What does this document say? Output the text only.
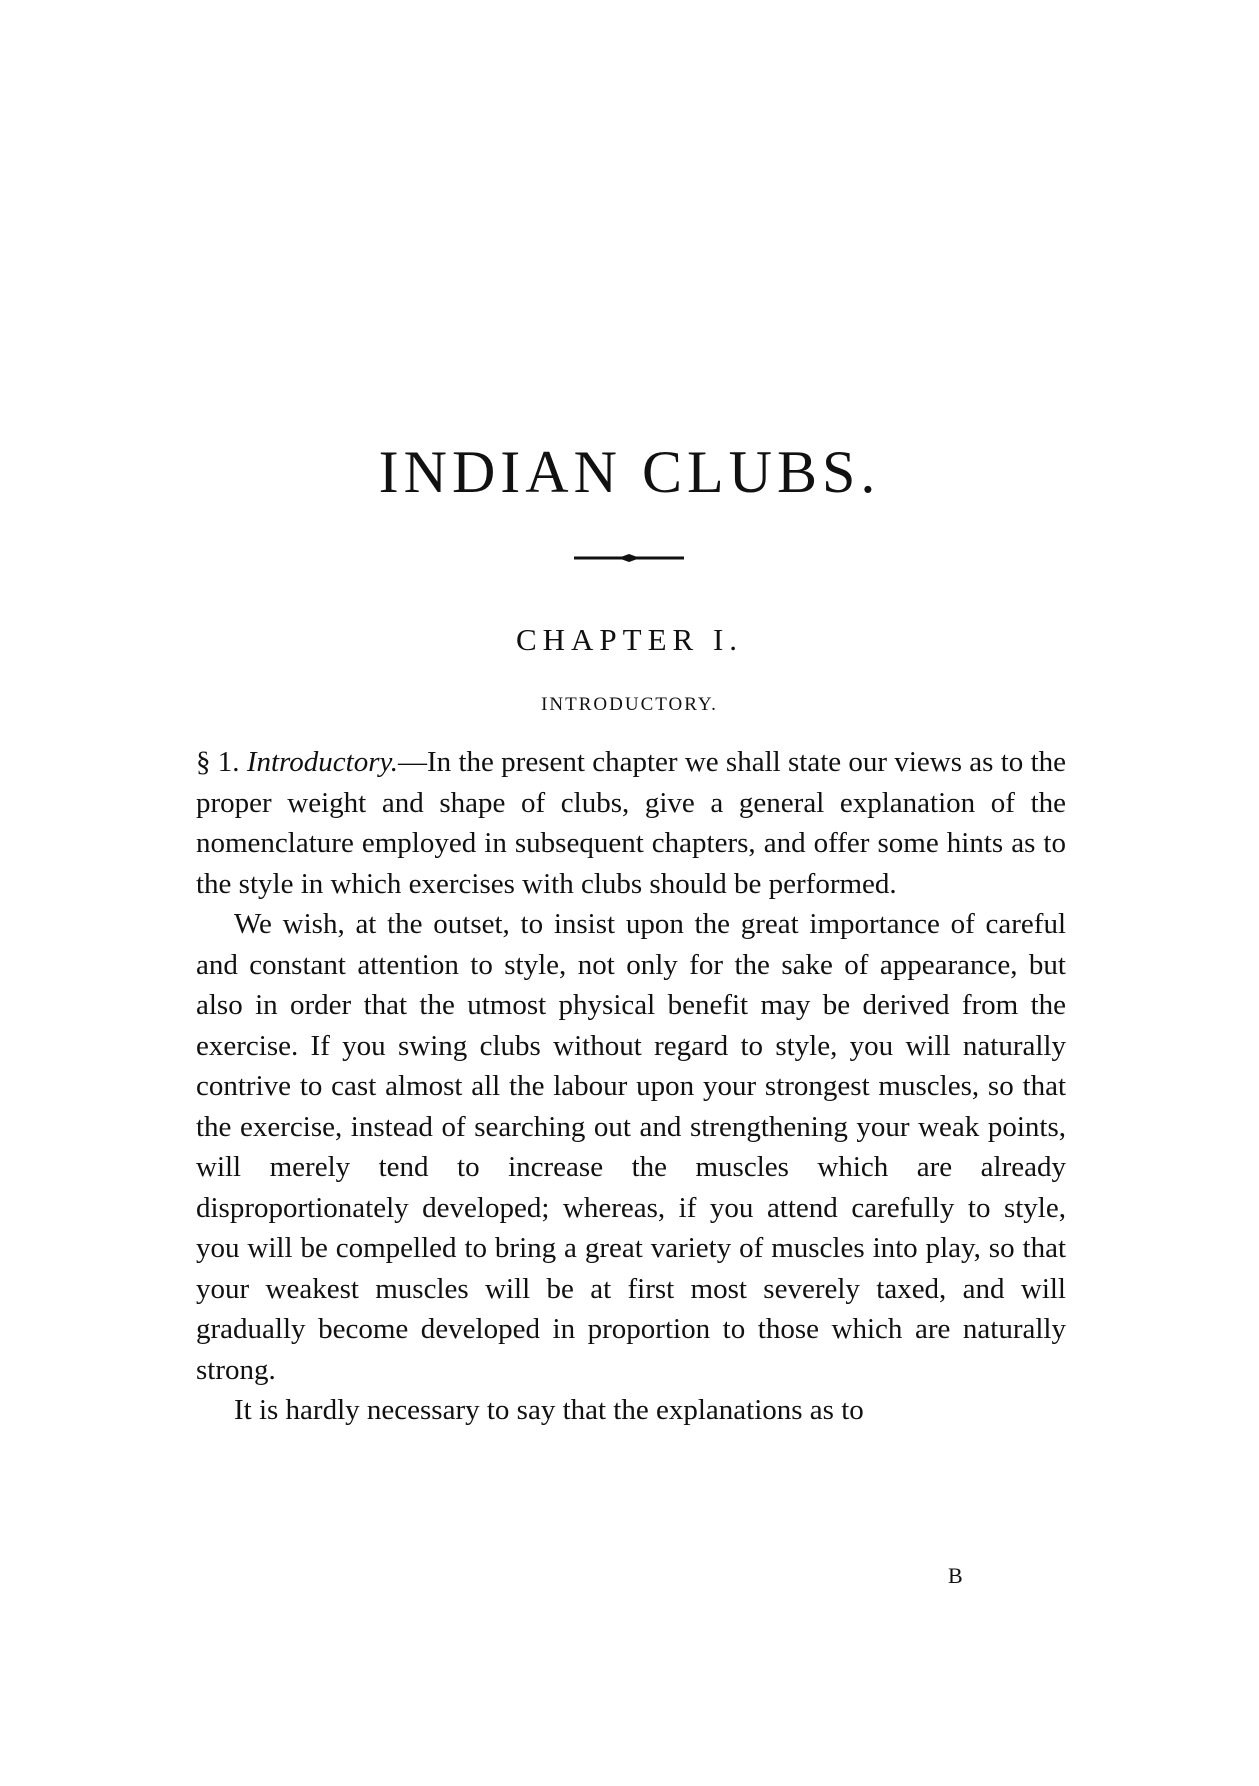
INDIAN CLUBS.
CHAPTER I.
INTRODUCTORY.

§ 1. Introductory.—In the present chapter we shall state our views as to the proper weight and shape of clubs, give a general explanation of the nomenclature employed in subsequent chapters, and offer some hints as to the style in which exercises with clubs should be performed.

We wish, at the outset, to insist upon the great importance of careful and constant attention to style, not only for the sake of appearance, but also in order that the utmost physical benefit may be derived from the exercise. If you swing clubs without regard to style, you will naturally contrive to cast almost all the labour upon your strongest muscles, so that the exercise, instead of searching out and strengthening your weak points, will merely tend to increase the muscles which are already disproportionately developed; whereas, if you attend carefully to style, you will be compelled to bring a great variety of muscles into play, so that your weakest muscles will be at first most severely taxed, and will gradually become developed in proportion to those which are naturally strong.

It is hardly necessary to say that the explanations as to

B
